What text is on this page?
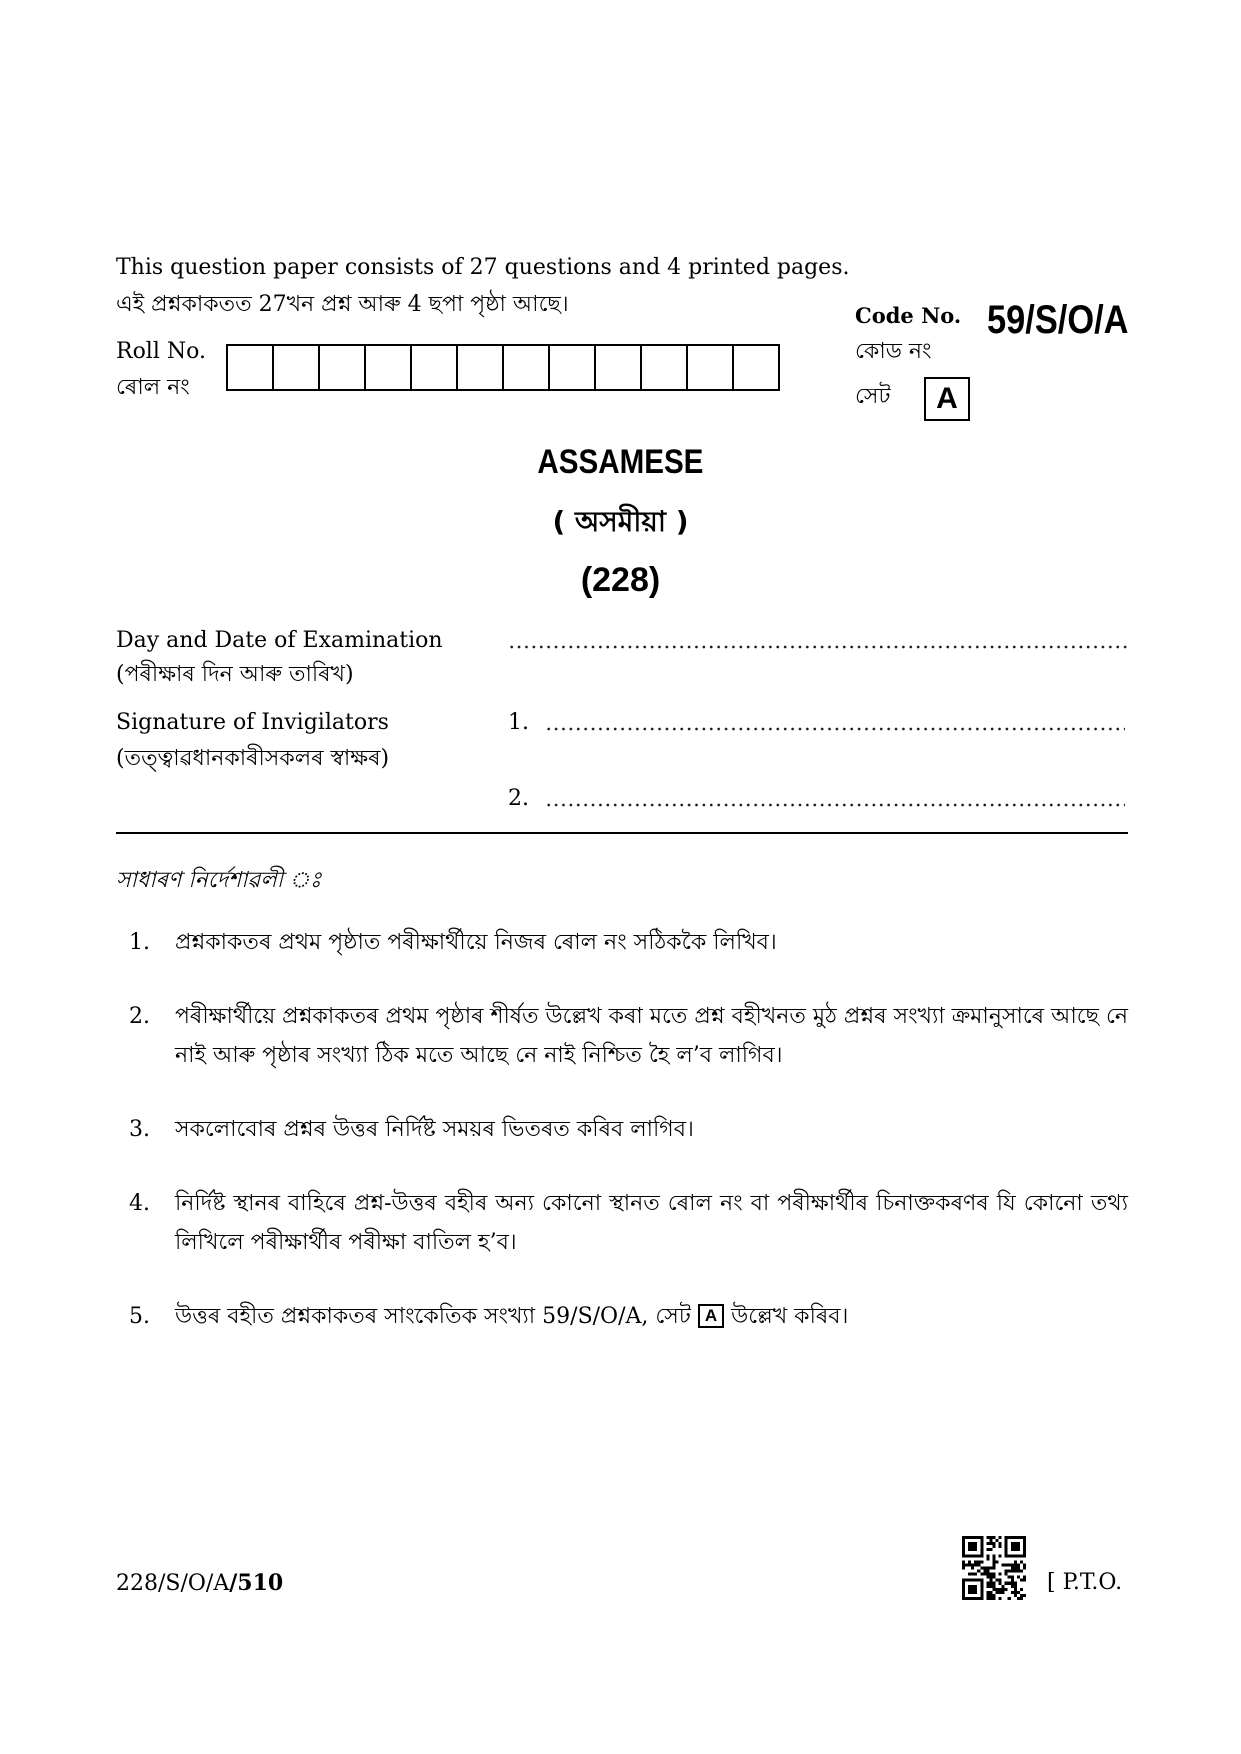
This question paper consists of 27 questions and 4 printed pages.
এই প্ৰশ্নকাকতত 27খন প্ৰশ্ন আৰু 4 ছপা পৃষ্ঠা আছে।	Code No. 59/S/O/A
কোড নং
সেট	A
Roll No.
ৰোল নং
ASSAMESE
( অসমীয়া )
(228)
Day and Date of Examination
(পৰীক্ষাৰ দিন আৰু তাৰিখ)
Signature of Invigilators	1.
(তত্ত্বাৱধানকাৰীসকলৰ স্বাক্ষৰ)
2.
সাধাৰণ নিৰ্দেশাৱলী ঃ
1.	প্ৰশ্নকাকতৰ প্ৰথম পৃষ্ঠাত পৰীক্ষাৰ্থীয়ে নিজৰ ৰোল নং সঠিককৈ লিখিব।
2.	পৰীক্ষাৰ্থীয়ে প্ৰশ্নকাকতৰ প্ৰথম পৃষ্ঠাৰ শীৰ্ষত উল্লেখ কৰা মতে প্ৰশ্ন বহীখনত মুঠ প্ৰশ্নৰ সংখ্যা ক্ৰমানুসাৰে আছে নে নাই আৰু পৃষ্ঠাৰ সংখ্যা ঠিক মতে আছে নে নাই নিশ্চিত হৈ ল’ব লাগিব।
3.	সকলোবোৰ প্ৰশ্নৰ উত্তৰ নিৰ্দিষ্ট সময়ৰ ভিতৰত কৰিব লাগিব।
4.	নিৰ্দিষ্ট স্থানৰ বাহিৰে প্ৰশ্ন-উত্তৰ বহীৰ অন্য কোনো স্থানত ৰোল নং বা পৰীক্ষাৰ্থীৰ চিনাক্তকৰণৰ যি কোনো তথ্য লিখিলে পৰীক্ষাৰ্থীৰ পৰীক্ষা বাতিল হ’ব।
5.	উত্তৰ বহীত প্ৰশ্নকাকতৰ সাংকেতিক সংখ্যা 59/S/O/A, সেট A উল্লেখ কৰিব।
228/S/O/A/510	[ P.T.O.
